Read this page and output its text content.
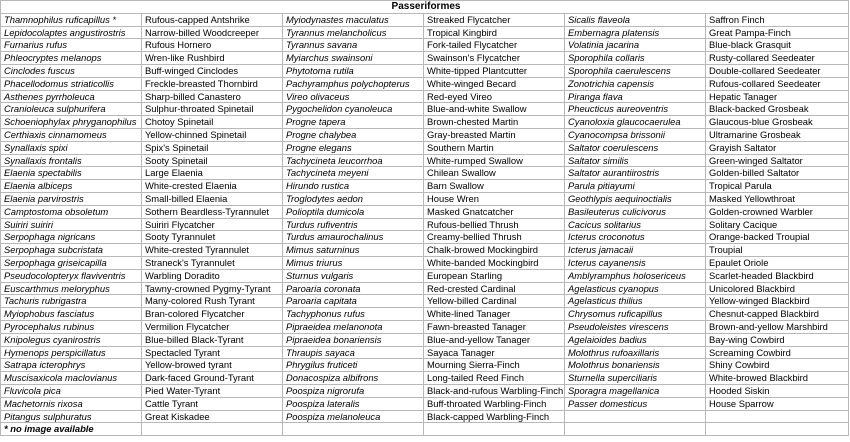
Passeriformes					
Thamnophilus ruficapillus *	Rufous-capped Antshrike	Myiodynastes maculatus	Streaked Flycatcher	Sicalis flaveola	Saffron Finch
Lepidocolaptes angustirostris	Narrow-billed Woodcreeper	Tyrannus melancholicus	Tropical Kingbird	Embernagra platensis	Great Pampa-Finch
Furnarius rufus	Rufous Hornero	Tyrannus savana	Fork-tailed Flycatcher	Volatinia jacarina	Blue-black Grasquit
Phleocryptes melanops	Wren-like Rushbird	Myiarchus swainsoni	Swainson's Flycatcher	Sporophila collaris	Rusty-collared Seedeater
Cinclodes fuscus	Buff-winged Cinclodes	Phytotoma rutila	White-tipped Plantcutter	Sporophila caerulescens	Double-collared Seedeater
Phacellodomus striaticollis	Freckle-breasted Thornbird	Pachyramphus polychopterus	White-winged Becard	Zonotrichia capensis	Rufous-collared Seedeater
Asthenes pyrrholeuca	Sharp-billed Canastero	Vireo olivaceus	Red-eyed Vireo	Piranga flava	Hepatic Tanager
Cranioleuca sulphurifera	Sulphur-throated Spinetail	Pygochelidon cyanoleuca	Blue-and-white Swallow	Pheucticus aureoventris	Black-backed Grosbeak
Schoeniophylax phryganophilus	Chotoy Spinetail	Progne tapera	Brown-chested Martin	Cyanoloxia glaucocaerulea	Glaucous-blue Grosbeak
Certhiaxis cinnamomeus	Yellow-chinned Spinetail	Progne chalybea	Gray-breasted Martin	Cyanocompsa brissonii	Ultramarine Grosbeak
Synallaxis spixi	Spix's Spinetail	Progne elegans	Southern Martin	Saltator coerulescens	Grayish Saltator
Synallaxis frontalis	Sooty Spinetail	Tachycineta leucorrhoa	White-rumped Swallow	Saltator similis	Green-winged Saltator
Elaenia spectabilis	Large Elaenia	Tachycineta meyeni	Chilean Swallow	Saltator aurantiirostris	Golden-billed Saltator
Elaenia albiceps	White-crested Elaenia	Hirundo rustica	Barn Swallow	Parula pitiayumi	Tropical Parula
Elaenia parvirostris	Small-billed Elaenia	Troglodytes aedon	House Wren	Geothlypis aequinoctialis	Masked Yellowthroat
Camptostoma obsoletum	Sothern Beardless-Tyrannulet	Polioptila dumicola	Masked Gnatcatcher	Basileuterus culicivorus	Golden-crowned Warbler
Suiriri suiriri	Suiriri Flycatcher	Turdus rufiventris	Rufous-bellied Thrush	Cacicus solitarius	Solitary Cacique
Serpophaga nigricans	Sooty Tyrannulet	Turdus amaurochalinus	Creamy-bellied Thrush	Icterus croconotus	Orange-backed Troupial
Serpophaga subcristata	White-crested Tyrannulet	Mimus saturninus	Chalk-browed Mockingbird	Icterus jamacaii	Troupial
Serpophaga griseicapilla	Straneck's Tyrannulet	Mimus triurus	White-banded Mockingbird	Icterus cayanensis	Epaulet Oriole
Pseudocolopteryx flaviventris	Warbling Doradito	Sturnus vulgaris	European Starling	Amblyramphus holosericeus	Scarlet-headed Blackbird
Euscarthmus meloryphus	Tawny-crowned Pygmy-Tyrant	Paroaria coronata	Red-crested Cardinal	Agelasticus cyanopus	Unicolored Blackbird
Tachuris rubrigastra	Many-colored Rush Tyrant	Paroaria capitata	Yellow-billed Cardinal	Agelasticus thilius	Yellow-winged Blackbird
Myiophobus fasciatus	Bran-colored Flycatcher	Tachyphonus rufus	White-lined Tanager	Chrysomus ruficapillus	Chesnut-capped Blackbird
Pyrocephalus rubinus	Vermilion Flycatcher	Pipraeidea melanonota	Fawn-breasted Tanager	Pseudoleistes virescens	Brown-and-yellow Marshbird
Knipolegus cyanirostris	Blue-billed Black-Tyrant	Pipraeidea bonariensis	Blue-and-yellow Tanager	Agelaioides badius	Bay-wing Cowbird
Hymenops perspicillatus	Spectacled Tyrant	Thraupis sayaca	Sayaca Tanager	Molothrus rufoaxillaris	Screaming Cowbird
Satrapa icterophrys	Yellow-browed tyrant	Phrygilus fruticeti	Mourning Sierra-Finch	Molothrus bonariensis	Shiny Cowbird
Muscisaxicola maclovianus	Dark-faced Ground-Tyrant	Donacospiza albifrons	Long-tailed Reed Finch	Sturnella superciliaris	White-browed Blackbird
Fluvicola pica	Pied Water-Tyrant	Poospiza nigrorufa	Black-and-rufous Warbling-Finch	Sporagra magellanica	Hooded Siskin
Machetornis rixosa	Cattle Tyrant	Poospiza lateralis	Buff-throated Warbling-Finch	Passer domesticus	House Sparrow
Pitangus sulphuratus	Great Kiskadee	Poospiza melanoleuca	Black-capped Warbling-Finch		
* no image available					
